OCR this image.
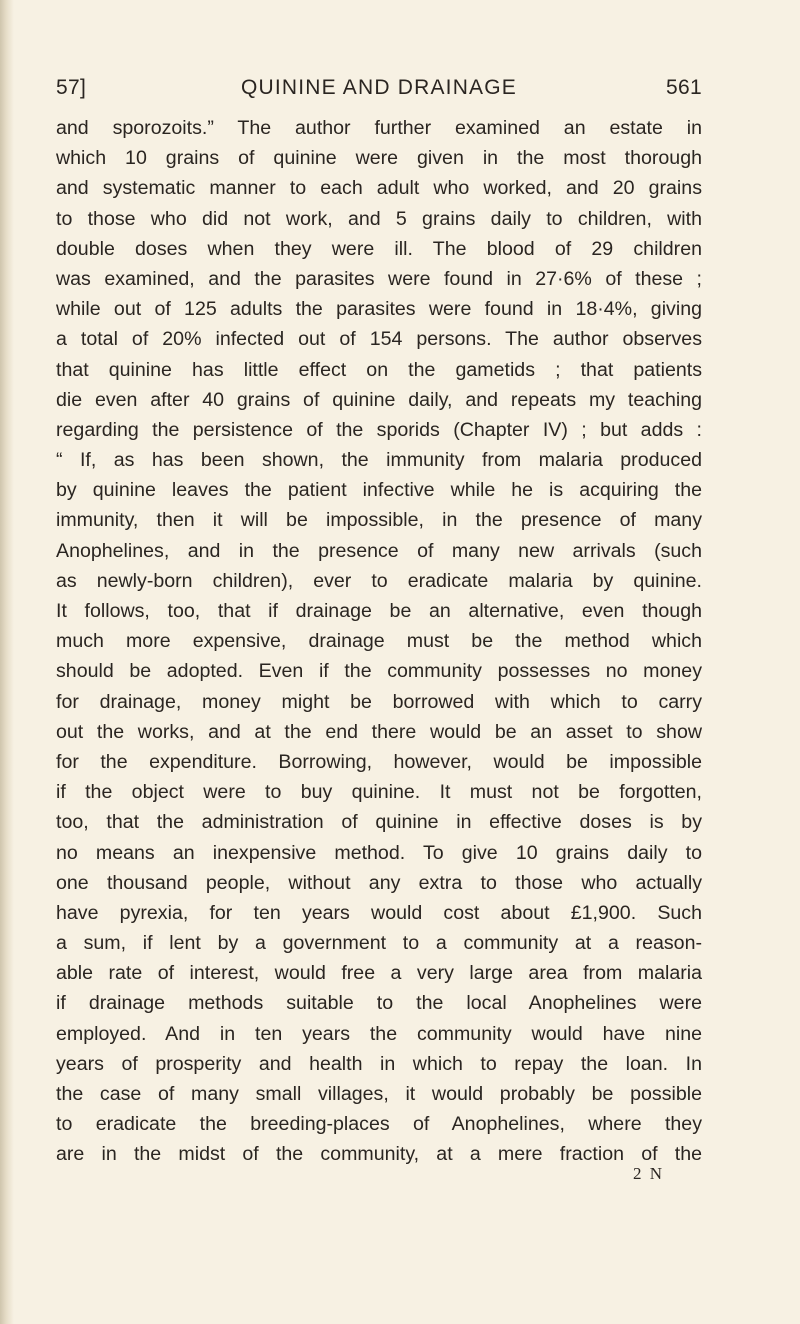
57]	QUININE AND DRAINAGE	561
and sporozoits.” The author further examined an estate in
which 10 grains of quinine were given in the most thorough
and systematic manner to each adult who worked, and 20 grains
to those who did not work, and 5 grains daily to children, with
double doses when they were ill. The blood of 29 children
was examined, and the parasites were found in 27·6% of these ;
while out of 125 adults the parasites were found in 18·4%, giving
a total of 20% infected out of 154 persons. The author observes
that quinine has little effect on the gametids ; that patients
die even after 40 grains of quinine daily, and repeats my teaching
regarding the persistence of the sporids (Chapter IV) ; but adds :
“ If, as has been shown, the immunity from malaria produced
by quinine leaves the patient infective while he is acquiring the
immunity, then it will be impossible, in the presence of many
Anophelines, and in the presence of many new arrivals (such
as newly-born children), ever to eradicate malaria by quinine.
It follows, too, that if drainage be an alternative, even though
much more expensive, drainage must be the method which
should be adopted. Even if the community possesses no money
for drainage, money might be borrowed with which to carry
out the works, and at the end there would be an asset to show
for the expenditure. Borrowing, however, would be impossible
if the object were to buy quinine. It must not be forgotten,
too, that the administration of quinine in effective doses is by
no means an inexpensive method. To give 10 grains daily to
one thousand people, without any extra to those who actually
have pyrexia, for ten years would cost about £1,900. Such
a sum, if lent by a government to a community at a reason-
able rate of interest, would free a very large area from malaria
if drainage methods suitable to the local Anophelines were
employed. And in ten years the community would have nine
years of prosperity and health in which to repay the loan. In
the case of many small villages, it would probably be possible
to eradicate the breeding-places of Anophelines, where they
are in the midst of the community, at a mere fraction of the
2 N
